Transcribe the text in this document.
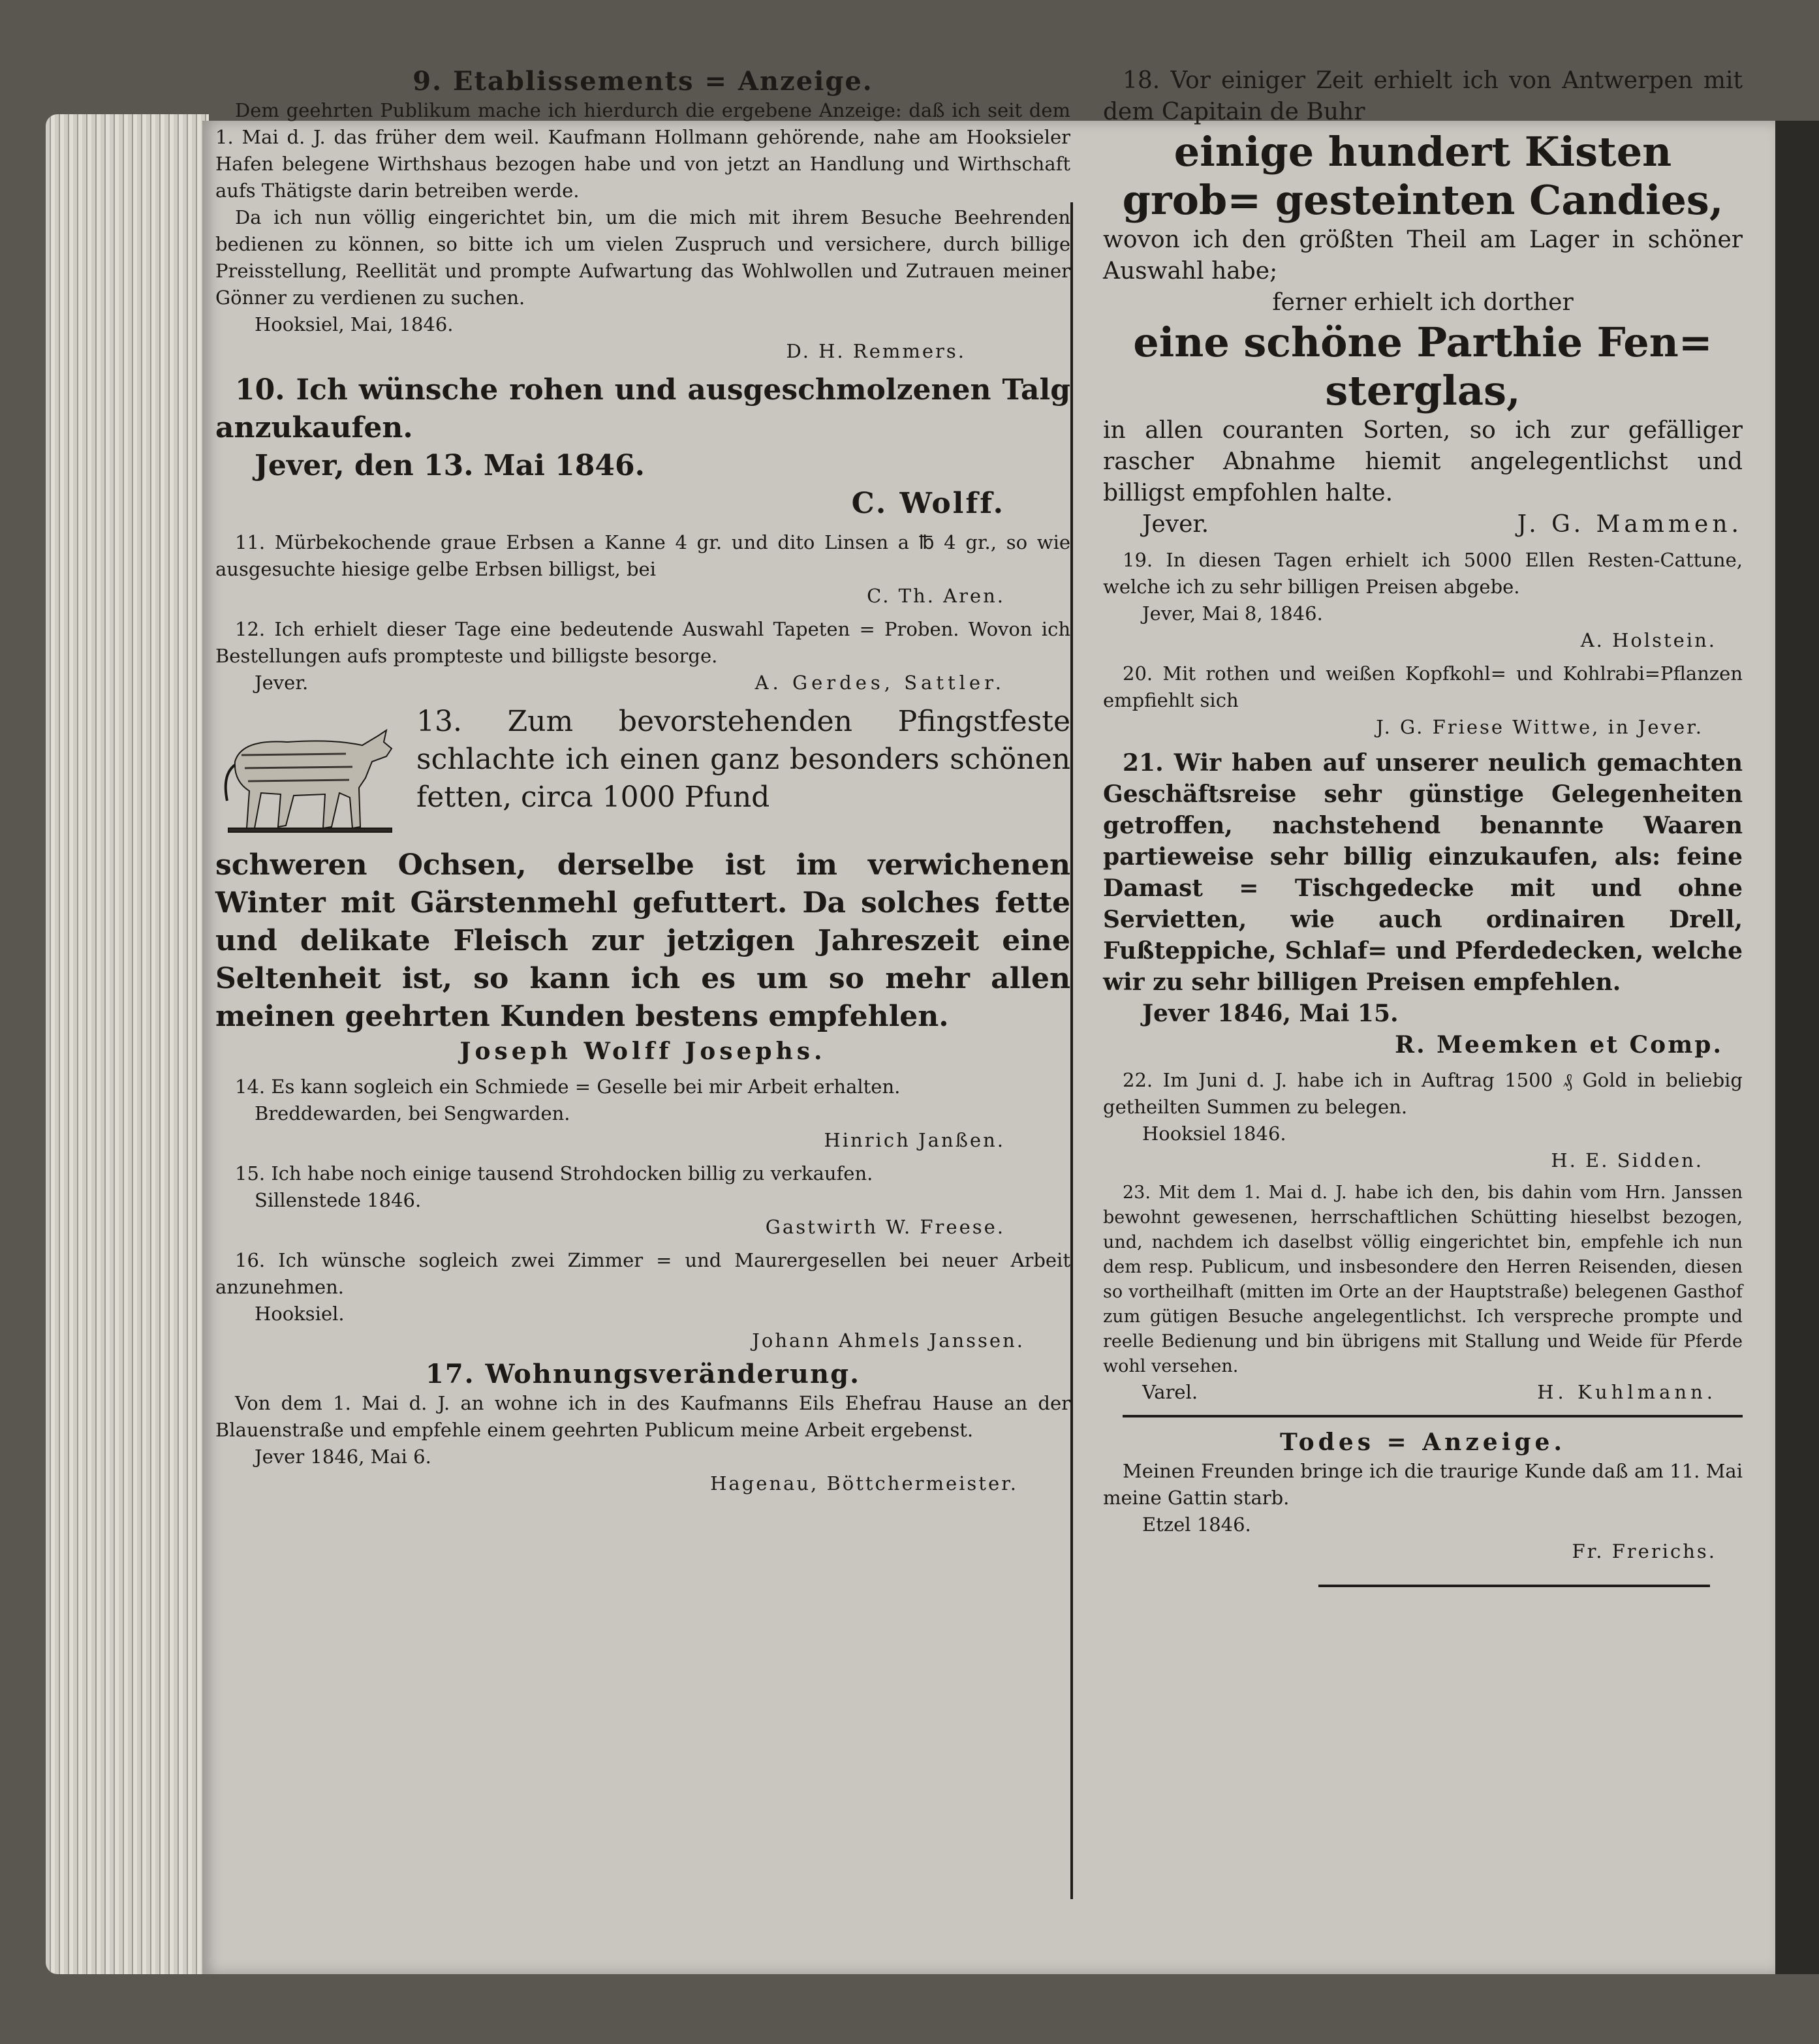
9. Etablissements = Anzeige.

Dem geehrten Publikum mache ich hierdurch die ergebene Anzeige: daß ich seit dem 1. Mai d. J. das früher dem weil. Kaufmann Hollmann gehörende, nahe am Hooksieler Hafen belegene Wirthshaus bezogen habe und von jetzt an Handlung und Wirthschaft aufs Thätigste darin betreiben werde.

Da ich nun völlig eingerichtet bin, um die mich mit ihrem Besuche Beehrenden bedienen zu können, so bitte ich um vielen Zuspruch und versichere, durch billige Preisstellung, Reellität und prompte Aufwartung das Wohlwollen und Zutrauen meiner Gönner zu verdienen zu suchen.

Hooksiel, Mai, 1846.

D. H. Remmers.

10. Ich wünsche rohen und ausgeschmolzenen Talg anzukaufen.

Jever, den 13. Mai 1846.

C. Wolff.

11. Mürbekochende graue Erbsen a Kanne 4 gr. und dito Linsen a ℔ 4 gr., so wie ausgesuchte hiesige gelbe Erbsen billigst, bei

C. Th. Aren.

12. Ich erhielt dieser Tage eine bedeutende Auswahl Tapeten = Proben. Wovon ich Bestellungen aufs prompteste und billigste besorge.

Jever.	A. Gerdes, Sattler.

13. Zum bevorstehenden Pfingstfeste schlachte ich einen ganz besonders schönen fetten, circa 1000 Pfund

schweren Ochsen, derselbe ist im verwichenen Winter mit Gärstenmehl gefuttert. Da solches fette und delikate Fleisch zur jetzigen Jahreszeit eine Seltenheit ist, so kann ich es um so mehr allen meinen geehrten Kunden bestens empfehlen.

Joseph Wolff Josephs.

14. Es kann sogleich ein Schmiede = Geselle bei mir Arbeit erhalten.

Breddewarden, bei Sengwarden.

Hinrich Janßen.

15. Ich habe noch einige tausend Strohdocken billig zu verkaufen.

Sillenstede 1846.

Gastwirth W. Freese.

16. Ich wünsche sogleich zwei Zimmer = und Maurergesellen bei neuer Arbeit anzunehmen.

Hooksiel.

Johann Ahmels Janssen.

17. Wohnungsveränderung.

Von dem 1. Mai d. J. an wohne ich in des Kaufmanns Eils Ehefrau Hause an der Blauenstraße und empfehle einem geehrten Publicum meine Arbeit ergebenst.

Jever 1846, Mai 6.

Hagenau, Böttchermeister.

18. Vor einiger Zeit erhielt ich von Antwerpen mit dem Capitain de Buhr

einige hundert Kisten grob= gesteinten Candies,

wovon ich den größten Theil am Lager in schöner Auswahl habe;

ferner erhielt ich dorther

eine schöne Parthie Fen= sterglas,

in allen couranten Sorten, so ich zur gefälliger rascher Abnahme hiemit angelegentlichst und billigst empfohlen halte.

Jever.	J. G. Mammen.

19. In diesen Tagen erhielt ich 5000 Ellen Resten-Cattune, welche ich zu sehr billigen Preisen abgebe.

Jever, Mai 8, 1846.

A. Holstein.

20. Mit rothen und weißen Kopfkohl= und Kohlrabi=Pflanzen empfiehlt sich

J. G. Friese Wittwe, in Jever.

21. Wir haben auf unserer neulich gemachten Geschäftsreise sehr günstige Gelegenheiten getroffen, nachstehend benannte Waaren partieweise sehr billig einzukaufen, als: feine Damast = Tischgedecke mit und ohne Servietten, wie auch ordinairen Drell, Fußteppiche, Schlaf= und Pferdedecken, welche wir zu sehr billigen Preisen empfehlen.

Jever 1846, Mai 15.

R. Meemken et Comp.

22. Im Juni d. J. habe ich in Auftrag 1500 ₰ Gold in beliebig getheilten Summen zu belegen.

Hooksiel 1846.

H. E. Sidden.

23. Mit dem 1. Mai d. J. habe ich den, bis dahin vom Hrn. Janssen bewohnt gewesenen, herrschaftlichen Schütting hieselbst bezogen, und, nachdem ich daselbst völlig eingerichtet bin, empfehle ich nun dem resp. Publicum, und insbesondere den Herren Reisenden, diesen so vortheilhaft (mitten im Orte an der Hauptstraße) belegenen Gasthof zum gütigen Besuche angelegentlichst. Ich verspreche prompte und reelle Bedienung und bin übrigens mit Stallung und Weide für Pferde wohl versehen.

Varel.	H. Kuhlmann.

Todes = Anzeige.

Meinen Freunden bringe ich die traurige Kunde daß am 11. Mai meine Gattin starb.

Etzel 1846.

Fr. Frerichs.
